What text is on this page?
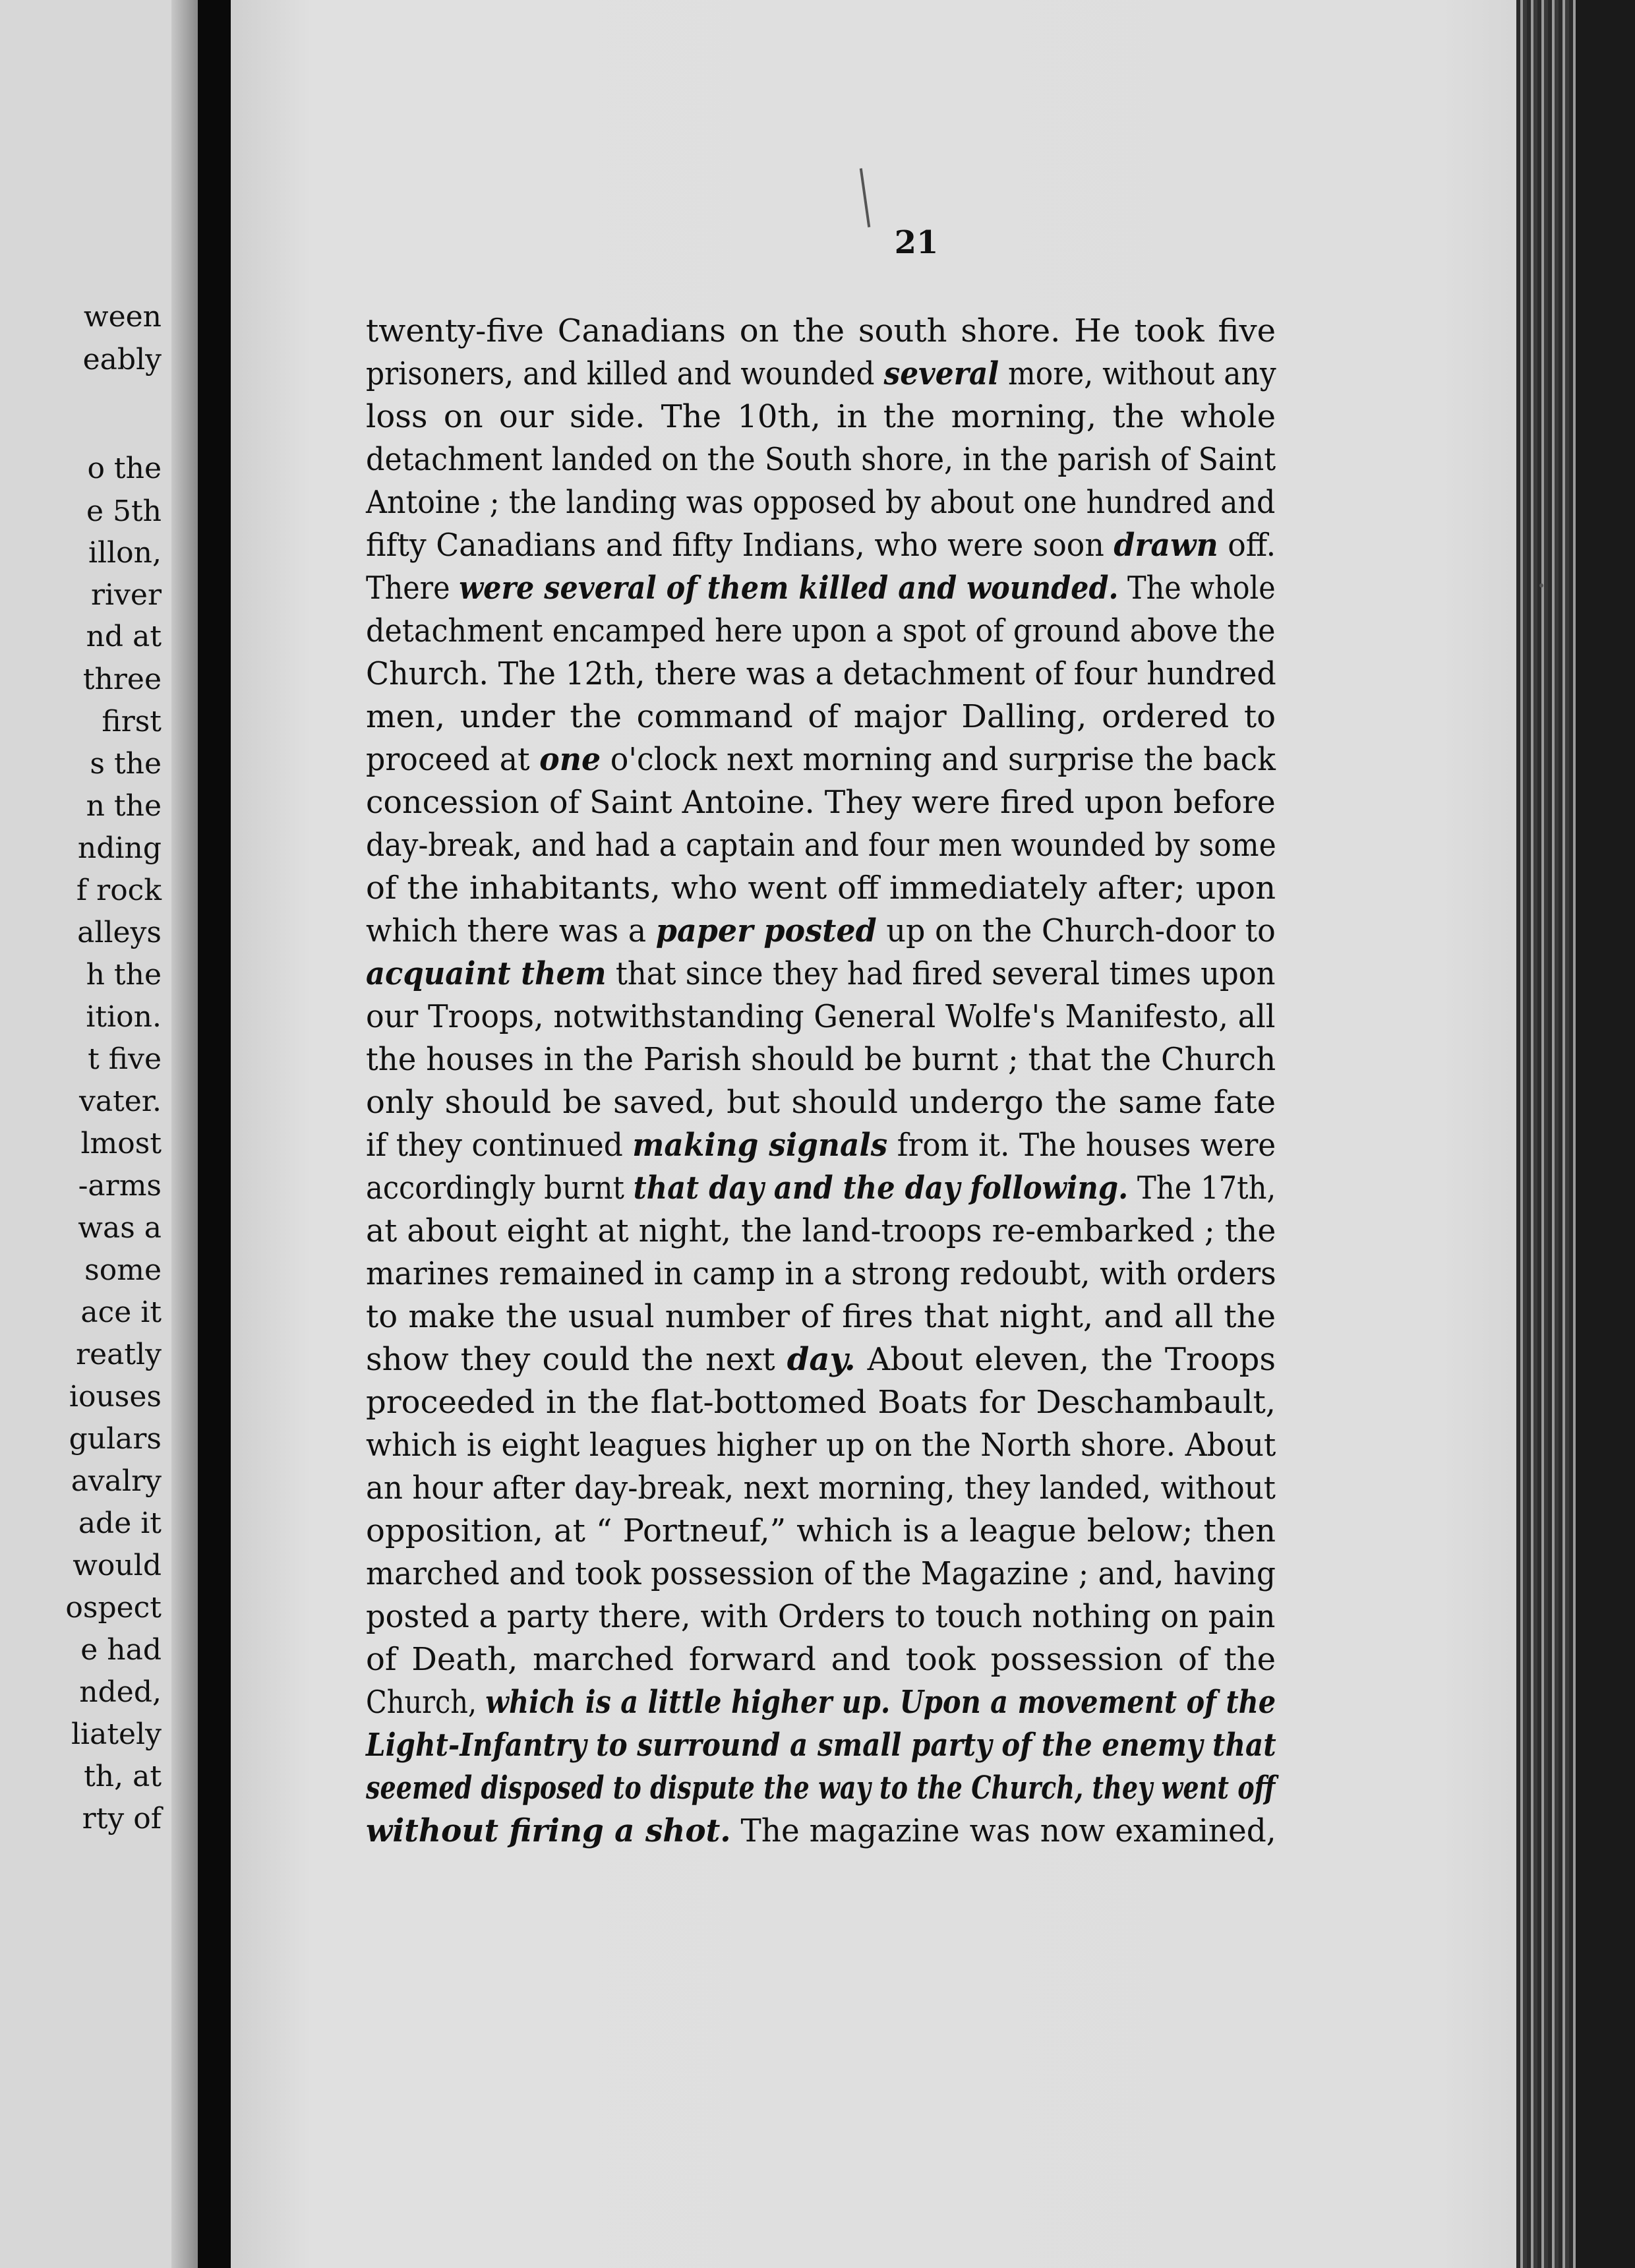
ween
eably
o the
e 5th
illon,
river
nd at
three
first
s the
n the
nding
f rock
alleys
h the
ition.
t five
vater.
lmost
-arms
was a
some
ace it
reatly
iouses
gulars
avalry
ade it
would
ospect
e had
nded,
liately
th, at
rty of
21
twenty-five Canadians on the south shore. He took five
prisoners, and killed and wounded several more, without any
loss on our side. The 10th, in the morning, the whole
detachment landed on the South shore, in the parish of Saint
Antoine ; the landing was opposed by about one hundred and
fifty Canadians and fifty Indians, who were soon drawn off.
There were several of them killed and wounded. The whole
detachment encamped here upon a spot of ground above the
Church. The 12th, there was a detachment of four hundred
men, under the command of major Dalling, ordered to
proceed at one o'clock next morning and surprise the back
concession of Saint Antoine. They were fired upon before
day-break, and had a captain and four men wounded by some
of the inhabitants, who went off immediately after; upon
which there was a paper posted up on the Church-door to
acquaint them that since they had fired several times upon
our Troops, notwithstanding General Wolfe's Manifesto, all
the houses in the Parish should be burnt ; that the Church
only should be saved, but should undergo the same fate
if they continued making signals from it. The houses were
accordingly burnt that day and the day following. The 17th,
at about eight at night, the land-troops re-embarked ; the
marines remained in camp in a strong redoubt, with orders
to make the usual number of fires that night, and all the
show they could the next day. About eleven, the Troops
proceeded in the flat-bottomed Boats for Deschambault,
which is eight leagues higher up on the North shore. About
an hour after day-break, next morning, they landed, without
opposition, at “ Portneuf,” which is a league below; then
marched and took possession of the Magazine ; and, having
posted a party there, with Orders to touch nothing on pain
of Death, marched forward and took possession of the
Church, which is a little higher up. Upon a movement of the
Light-Infantry to surround a small party of the enemy that
seemed disposed to dispute the way to the Church, they went off
without firing a shot. The magazine was now examined,
